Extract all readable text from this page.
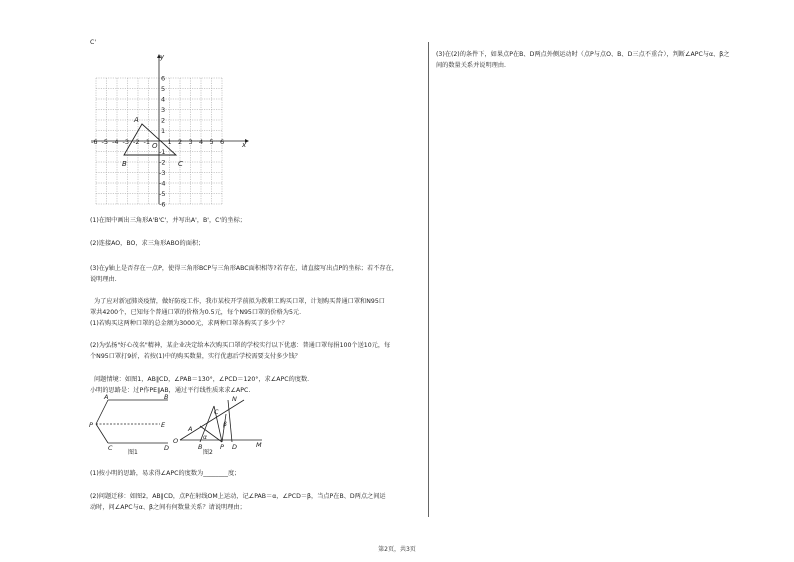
C'
x
y
O
-6 -5 -4 -3 -2 -1	1 2 3 4 5 6
6
5
4
3
2
1
-1
-2
-3
-4
-5
-6
A
B	C
(1)在图中画出三角形A'B'C'，并写出A'，B'，C'的坐标；
(2)连接AO，BO，求三角形ABO的面积；
(3)在y轴上是否存在一点P，使得三角形BCP与三角形ABC面积相等?若存在，请直接写出点P的坐标；若不存在，
说明理由.
为了应对新冠肺炎疫情，做好防疫工作，我市某校开学前拟为教职工购买口罩，计划购买普通口罩和N95口
罩共4200个，已知每个普通口罩的价格为0.5元，每个N95口罩的价格为5元.
(1)若购买这两种口罩的总金额为3000元，求两种口罩各购买了多少个？
(2)为弘扬"好心茂名"精神，某企业决定给本次购买口罩的学校实行以下优惠：普通口罩每捐100个送10元，每
个N95口罩打9折，若按(1)中的购买数量，实行优惠后学校需要支付多少钱？
问题情境：如图1，AB∥CD，∠PAB＝130°，∠PCD＝120°，求∠APC的度数.
小明的思路是：过P作PE∥AB，通过平行线性质来求∠APC.
A	B
P	E
C	D
图1
N
C
A
α
β
O
B	P D	M
图2
(1)按小明的思路，易求得∠APC的度数为________度；
(2)问题迁移：如图2，AB∥CD，点P在射线OM上运动，记∠PAB＝α，∠PCD＝β，当点P在B、D两点之间运
动时，问∠APC与α、β之间有何数量关系？请说明理由；
(3)在(2)的条件下，如果点P在B、D两点外侧运动时（点P与点O、B、D三点不重合），判断∠APC与α、β之
间的数量关系并说明理由.
第2页，共3页
